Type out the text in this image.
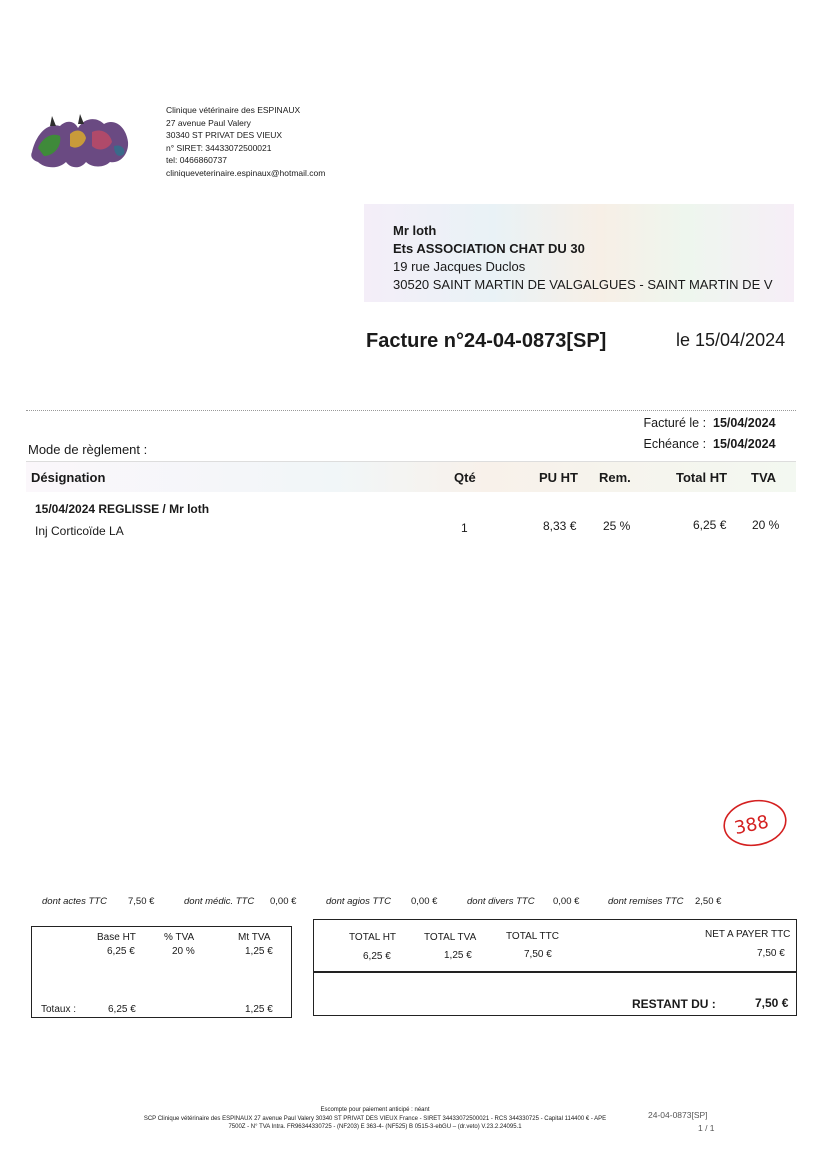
Clinique vétérinaire des ESPINAUX
27 avenue Paul Valery
30340 ST PRIVAT DES VIEUX
n° SIRET: 34433072500021
tel: 0466860737
cliniqueveterinaire.espinaux@hotmail.com
Mr loth
Ets ASSOCIATION CHAT DU 30
19 rue Jacques Duclos
30520 SAINT MARTIN DE VALGALGUES - SAINT MARTIN DE V
Facture n°24-04-0873[SP]	le 15/04/2024
Facturé le : 15/04/2024
Echéance : 15/04/2024
Mode de règlement :
Désignation	Qté	PU HT Rem.	Total HT TVA
15/04/2024 REGLISSE / Mr loth
Inj Corticoïde LA	1	8,33 € 25 %	6,25 € 20 %
388
dont actes TTC 7,50 €	dont médic. TTC 0,00 €	dont agios TTC 0,00 €	dont divers TTC 0,00 €	dont remises TTC 2,50 €
Base HT	% TVA	Mt TVA
6,25 €	20 %	1,25 €
Totaux :	6,25 €	1,25 €
TOTAL HT	TOTAL TVA	TOTAL TTC	NET A PAYER TTC
6,25 €	1,25 €	7,50 €	7,50 €
RESTANT DU :	7,50 €
Escompte pour paiement anticipé : néant
SCP Clinique vétérinaire des ESPINAUX 27 avenue Paul Valery 30340 ST PRIVAT DES VIEUX France - SIRET 34433072500021 - RCS 344330725 - Capital 114400 € - APE
7500Z - N° TVA Intra. FR96344330725 - (NF203) E 363-4- (NF525) B 0515-3-ebGU – (dr.veto) V.23.2.24095.1
24-04-0873[SP]
1 / 1
